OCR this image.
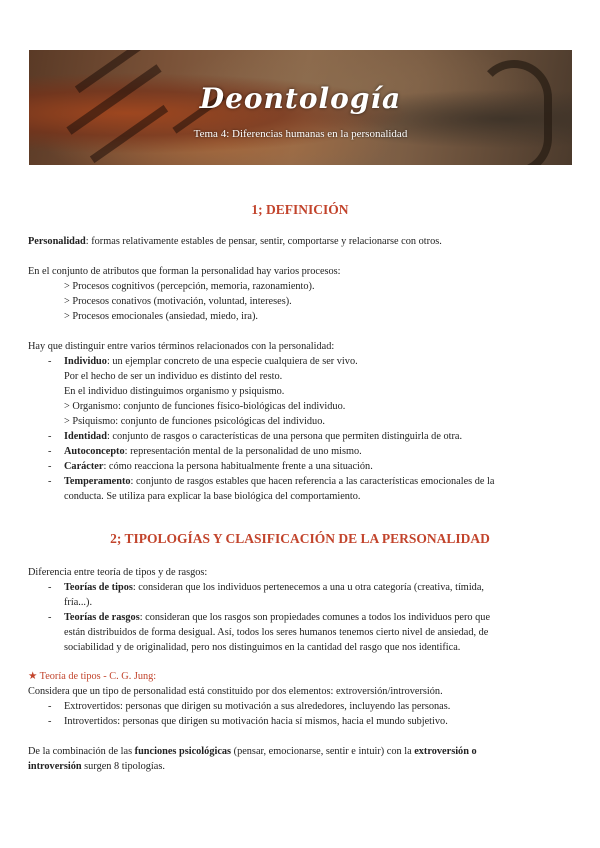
Deontología
Tema 4: Diferencias humanas en la personalidad
1; DEFINICIÓN
Personalidad: formas relativamente estables de pensar, sentir, comportarse y relacionarse con otros.
En el conjunto de atributos que forman la personalidad hay varios procesos:
> Procesos cognitivos (percepción, memoria, razonamiento).
> Procesos conativos (motivación, voluntad, intereses).
> Procesos emocionales (ansiedad, miedo, ira).
Hay que distinguir entre varios términos relacionados con la personalidad:
- Individuo: un ejemplar concreto de una especie cualquiera de ser vivo.
Por el hecho de ser un individuo es distinto del resto.
En el individuo distinguimos organismo y psiquismo.
> Organismo: conjunto de funciones físico-biológicas del individuo.
> Psiquismo: conjunto de funciones psicológicas del individuo.
- Identidad: conjunto de rasgos o características de una persona que permiten distinguirla de otra.
- Autoconcepto: representación mental de la personalidad de uno mismo.
- Carácter: cómo reacciona la persona habitualmente frente a una situación.
- Temperamento: conjunto de rasgos estables que hacen referencia a las características emocionales de la
conducta. Se utiliza para explicar la base biológica del comportamiento.
2; TIPOLOGÍAS Y CLASIFICACIÓN DE LA PERSONALIDAD
Diferencia entre teoría de tipos y de rasgos:
- Teorías de tipos: consideran que los individuos pertenecemos a una u otra categoría (creativa, tímida,
fría...).
- Teorías de rasgos: consideran que los rasgos son propiedades comunes a todos los individuos pero que
están distribuidos de forma desigual. Así, todos los seres humanos tenemos cierto nivel de ansiedad, de
sociabilidad y de originalidad, pero nos distinguimos en la cantidad del rasgo que nos identifica.
★ Teoría de tipos - C. G. Jung:
Considera que un tipo de personalidad está constituido por dos elementos: extroversión/introversión.
- Extrovertidos: personas que dirigen su motivación a sus alrededores, incluyendo las personas.
- Introvertidos: personas que dirigen su motivación hacia sí mismos, hacia el mundo subjetivo.
De la combinación de las funciones psicológicas (pensar, emocionarse, sentir e intuir) con la extroversión o
introversión surgen 8 tipologías.
